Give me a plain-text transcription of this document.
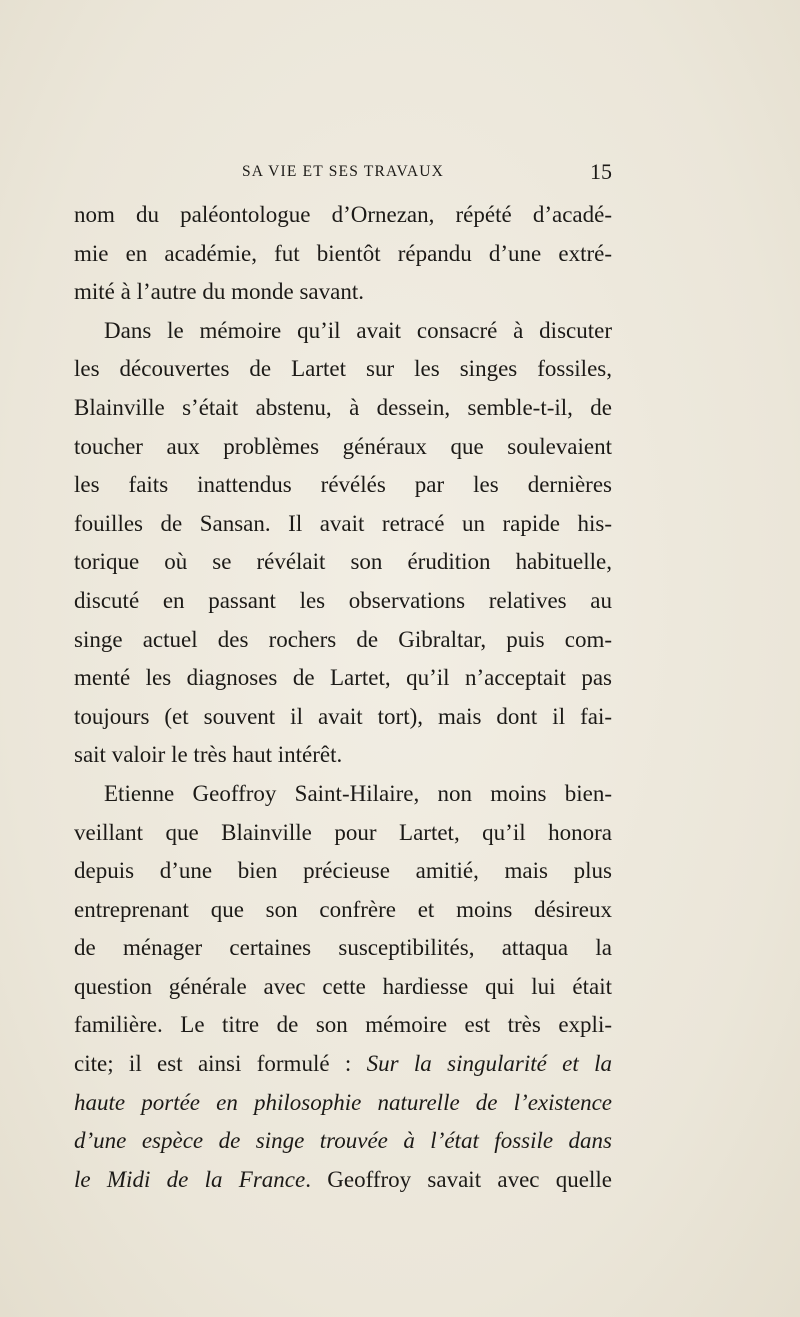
SA VIE ET SES TRAVAUX	15
nom du paléontologue d’Ornezan, répété d’acadé-
mie en académie, fut bientôt répandu d’une extré-
mité à l’autre du monde savant.
Dans le mémoire qu’il avait consacré à discuter
les découvertes de Lartet sur les singes fossiles,
Blainville s’était abstenu, à dessein, semble-t-il, de
toucher aux problèmes généraux que soulevaient
les faits inattendus révélés par les dernières
fouilles de Sansan. Il avait retracé un rapide his-
torique où se révélait son érudition habituelle,
discuté en passant les observations relatives au
singe actuel des rochers de Gibraltar, puis com-
menté les diagnoses de Lartet, qu’il n’acceptait pas
toujours (et souvent il avait tort), mais dont il fai-
sait valoir le très haut intérêt.
Etienne Geoffroy Saint-Hilaire, non moins bien-
veillant que Blainville pour Lartet, qu’il honora
depuis d’une bien précieuse amitié, mais plus
entreprenant que son confrère et moins désireux
de ménager certaines susceptibilités, attaqua la
question générale avec cette hardiesse qui lui était
familière. Le titre de son mémoire est très expli-
cite; il est ainsi formulé : Sur la singularité et la
haute portée en philosophie naturelle de l’existence
d’une espèce de singe trouvée à l’état fossile dans
le Midi de la France. Geoffroy savait avec quelle
